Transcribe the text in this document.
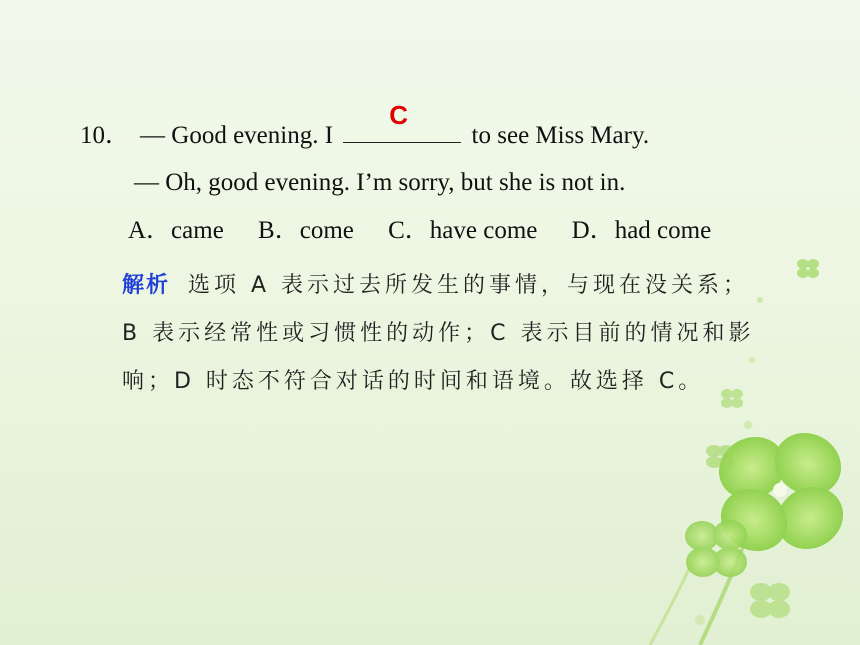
10． — Good evening. I
C
to see Miss Mary.
— Oh, good evening. I’m sorry, but she is not in.
A．came B．come C．have come D．had come
解析 选项 A 表示过去所发生的事情，与现在没关系；B 表示经常性或习惯性的动作；C 表示目前的情况和影响；D 时态不符合对话的时间和语境。故选择 C。
